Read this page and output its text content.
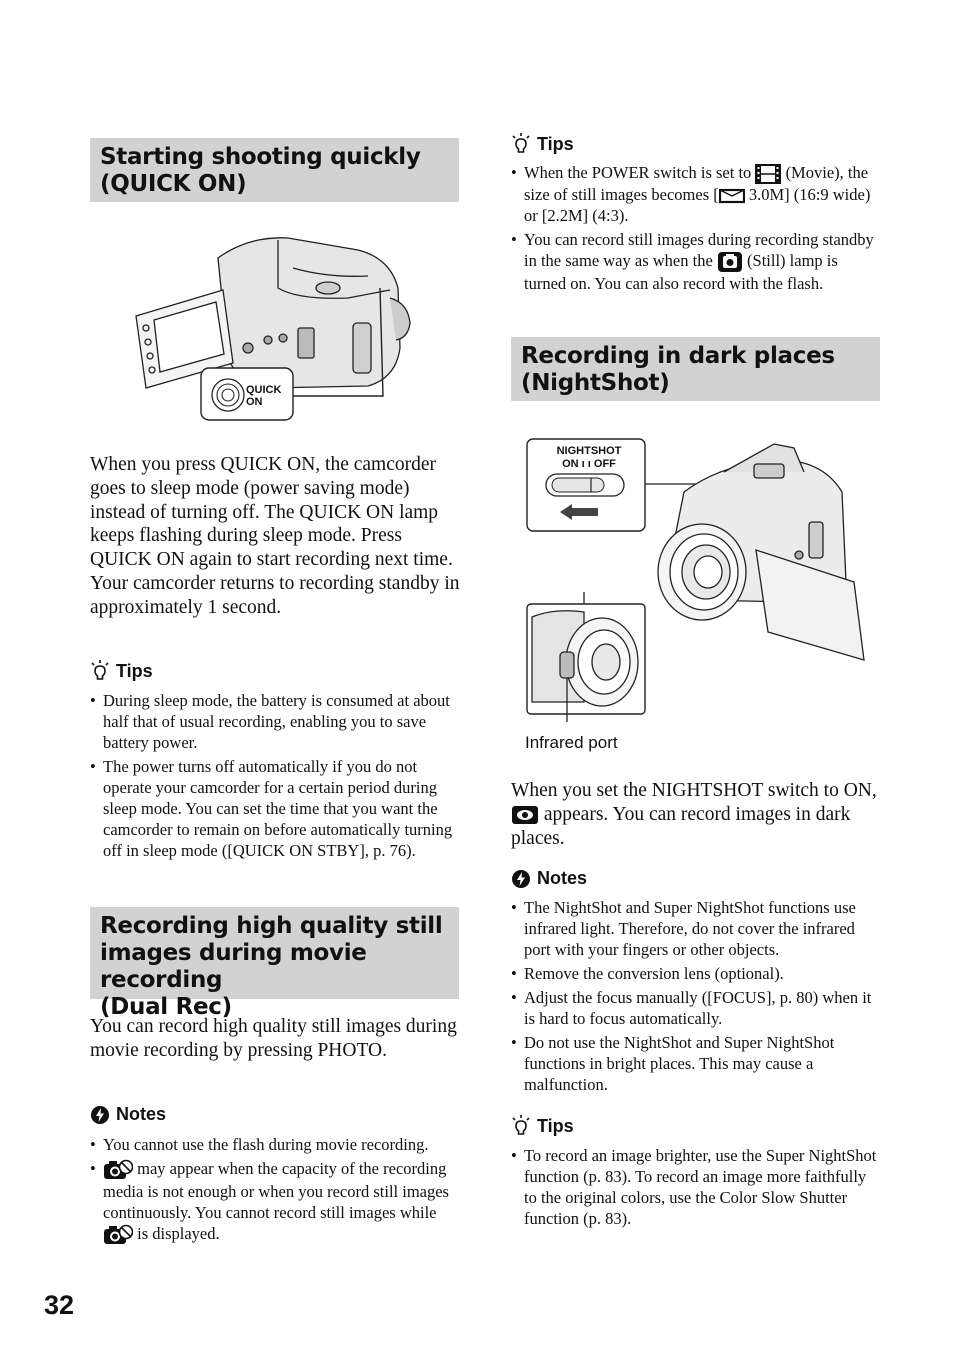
Starting shooting quickly
(QUICK ON)
QUICK
ON
When you press QUICK ON, the camcorder goes to sleep mode (power saving mode) instead of turning off. The QUICK ON lamp keeps flashing during sleep mode. Press QUICK ON again to start recording next time. Your camcorder returns to recording standby in approximately 1 second.
Tips
• During sleep mode, the battery is consumed at about half that of usual recording, enabling you to save battery power.
• The power turns off automatically if you do not operate your camcorder for a certain period during sleep mode. You can set the time that you want the camcorder to remain on before automatically turning off in sleep mode ([QUICK ON STBY], p. 76).
Recording high quality still
images during movie recording
(Dual Rec)
You can record high quality still images during movie recording by pressing PHOTO.
Notes
• You cannot use the flash during movie recording.
• may appear when the capacity of the recording media is not enough or when you record still images continuously. You cannot record still images while  is displayed.
32
Tips
• When the POWER switch is set to (Movie), the size of still images becomes [ 3.0M] (16:9 wide) or [2.2M] (4:3).
• You can record still images during recording standby in the same way as when the (Still) lamp is turned on. You can also record with the flash.
Recording in dark places
(NightShot)
NIGHTSHOT
ON ı ı OFF
Infrared port
When you set the NIGHTSHOT switch to ON,  appears. You can record images in dark places.
Notes
• The NightShot and Super NightShot functions use infrared light. Therefore, do not cover the infrared port with your fingers or other objects.
• Remove the conversion lens (optional).
• Adjust the focus manually ([FOCUS], p. 80) when it is hard to focus automatically.
• Do not use the NightShot and Super NightShot functions in bright places. This may cause a malfunction.
Tips
• To record an image brighter, use the Super NightShot function (p. 83). To record an image more faithfully to the original colors, use the Color Slow Shutter function (p. 83).
